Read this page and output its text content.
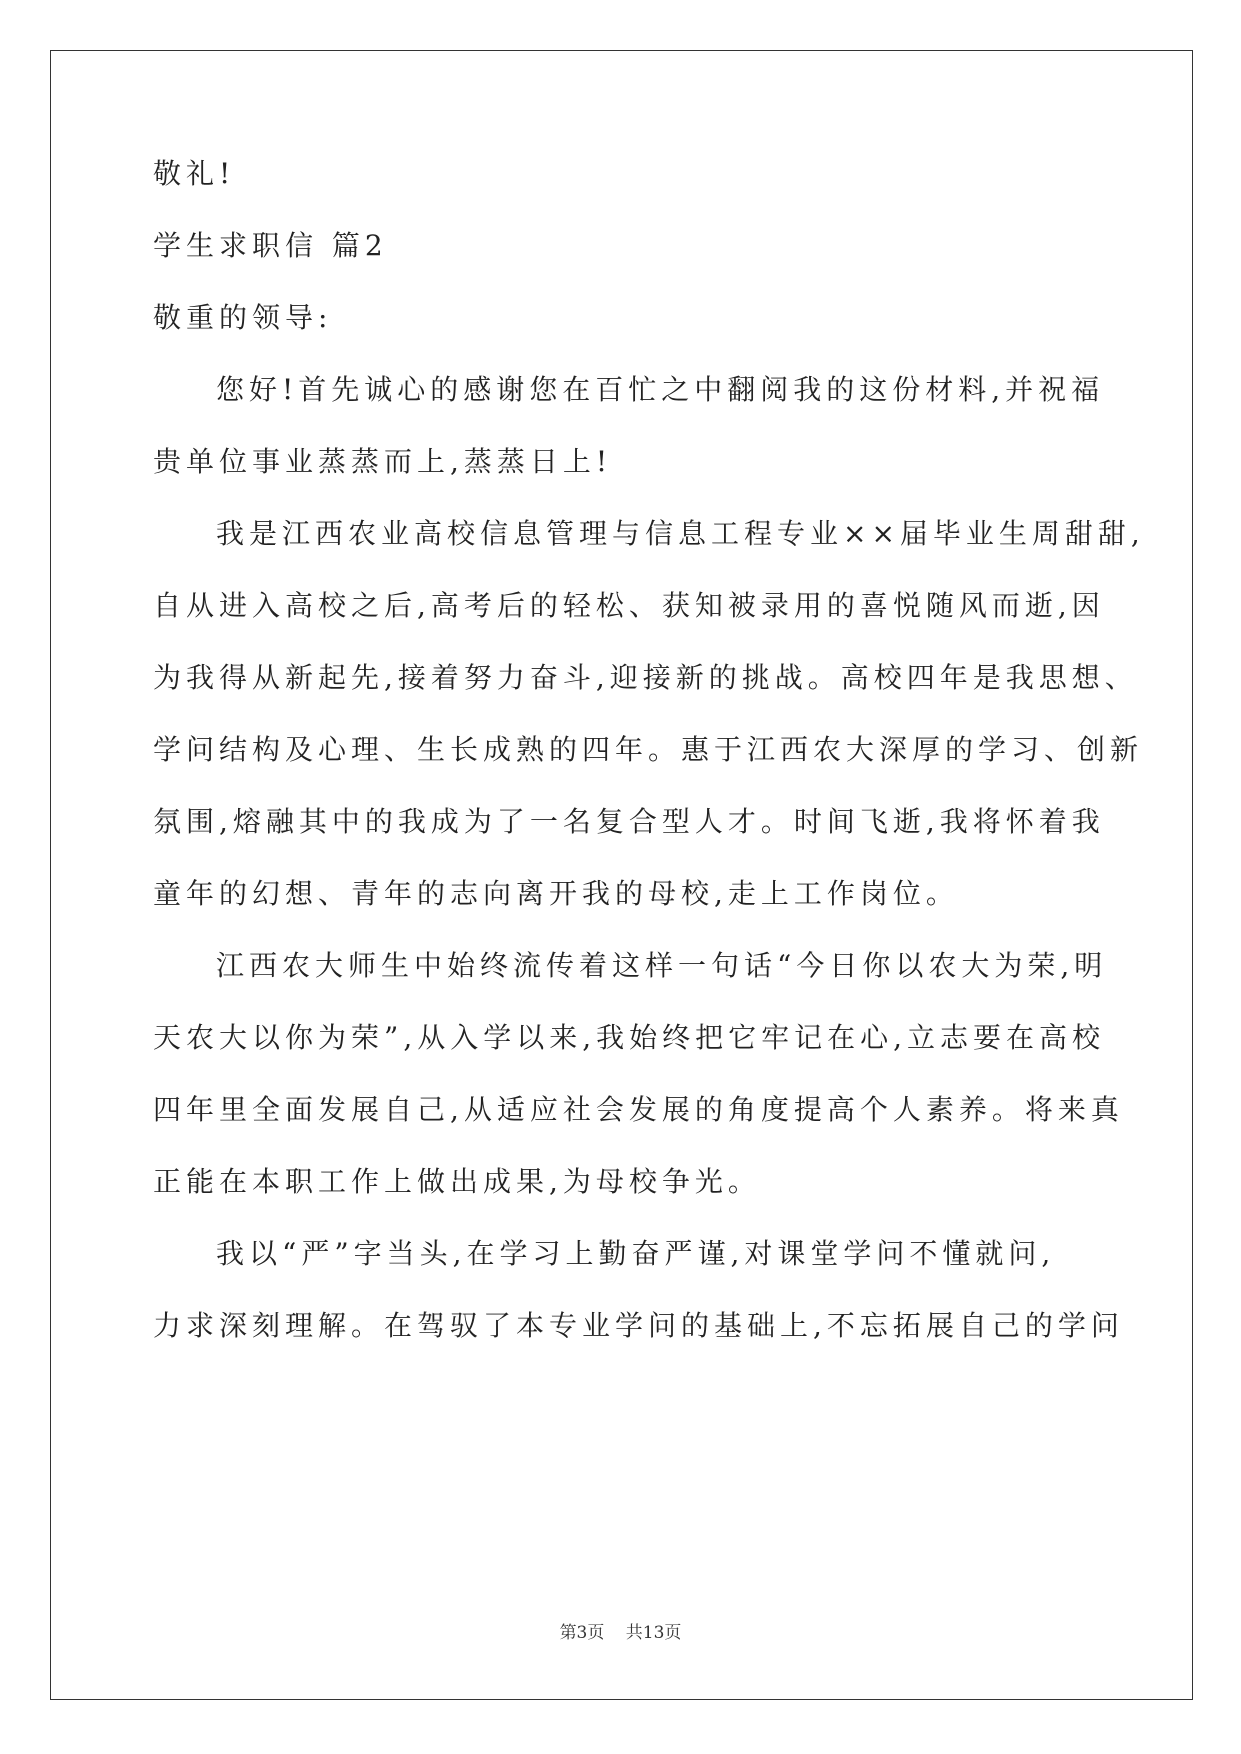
敬礼!
学生求职信 篇2
敬重的领导:
您好!首先诚心的感谢您在百忙之中翻阅我的这份材料,并祝福
贵单位事业蒸蒸而上,蒸蒸日上!
我是江西农业高校信息管理与信息工程专业××届毕业生周甜甜,
自从进入高校之后,高考后的轻松、获知被录用的喜悦随风而逝,因
为我得从新起先,接着努力奋斗,迎接新的挑战。高校四年是我思想、
学问结构及心理、生长成熟的四年。惠于江西农大深厚的学习、创新
氛围,熔融其中的我成为了一名复合型人才。时间飞逝,我将怀着我
童年的幻想、青年的志向离开我的母校,走上工作岗位。
江西农大师生中始终流传着这样一句话“今日你以农大为荣,明
天农大以你为荣”,从入学以来,我始终把它牢记在心,立志要在高校
四年里全面发展自己,从适应社会发展的角度提高个人素养。将来真
正能在本职工作上做出成果,为母校争光。
我以“严”字当头,在学习上勤奋严谨,对课堂学问不懂就问,
力求深刻理解。在驾驭了本专业学问的基础上,不忘拓展自己的学问
第3页 共13页
